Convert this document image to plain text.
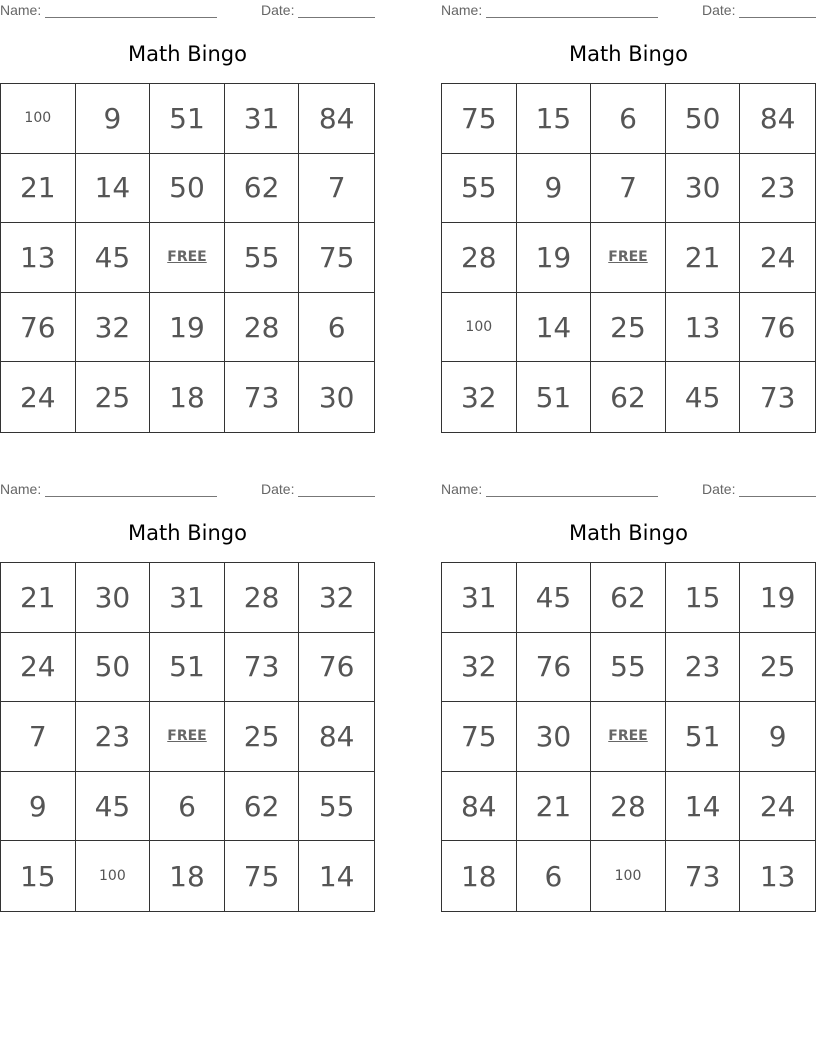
Name:	Date:
Math Bingo
100	9	51	31	84
21	14	50	62	7
13	45	FREE	55	75
76	32	19	28	6
24	25	18	73	30
Name:	Date:
Math Bingo
75	15	6	50	84
55	9	7	30	23
28	19	FREE	21	24
100	14	25	13	76
32	51	62	45	73
Name:	Date:
Math Bingo
21	30	31	28	32
24	50	51	73	76
7	23	FREE	25	84
9	45	6	62	55
15	100	18	75	14
Name:	Date:
Math Bingo
31	45	62	15	19
32	76	55	23	25
75	30	FREE	51	9
84	21	28	14	24
18	6	100	73	13
